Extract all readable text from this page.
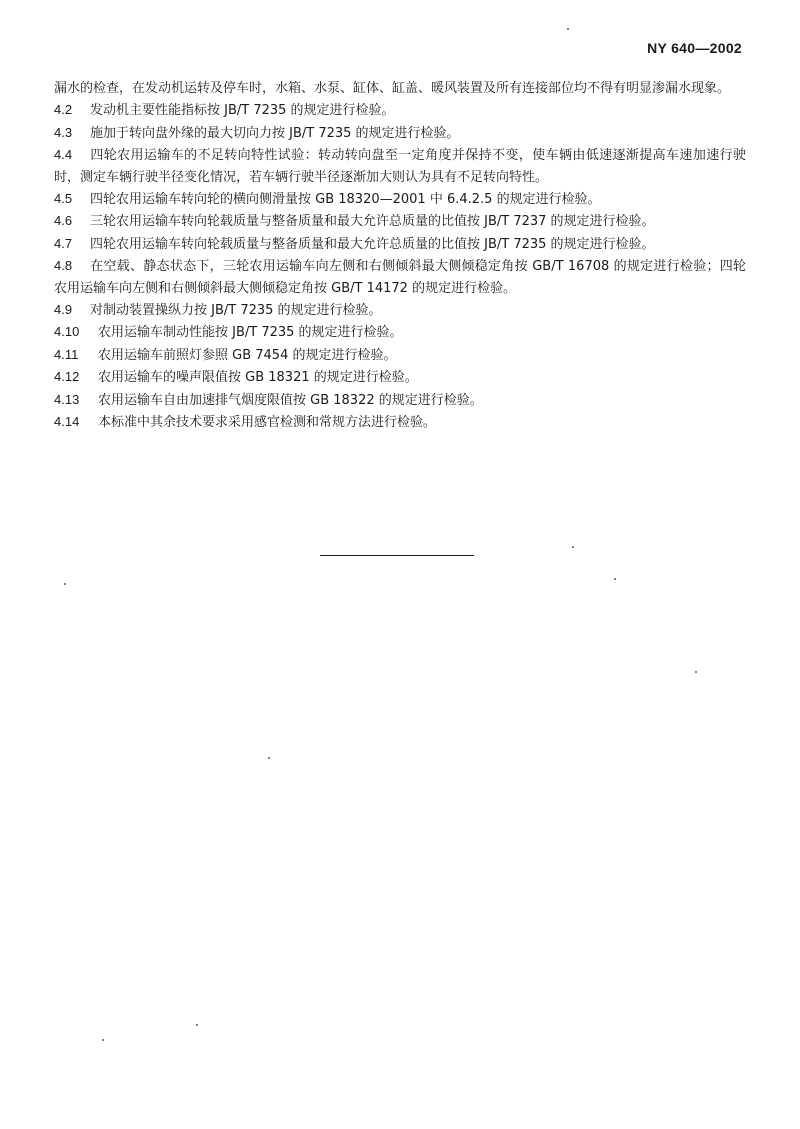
NY 640—2002

漏水的检查，在发动机运转及停车时，水箱、水泵、缸体、缸盖、暖风装置及所有连接部位均不得有明显渗漏水现象。

4.2 发动机主要性能指标按 JB/T 7235 的规定进行检验。

4.3 施加于转向盘外缘的最大切向力按 JB/T 7235 的规定进行检验。

4.4 四轮农用运输车的不足转向特性试验：转动转向盘至一定角度并保持不变，使车辆由低速逐渐提高车速加速行驶时，测定车辆行驶半径变化情况，若车辆行驶半径逐渐加大则认为具有不足转向特性。

4.5 四轮农用运输车转向轮的横向侧滑量按 GB 18320—2001 中 6.4.2.5 的规定进行检验。

4.6 三轮农用运输车转向轮载质量与整备质量和最大允许总质量的比值按 JB/T 7237 的规定进行检验。

4.7 四轮农用运输车转向轮载质量与整备质量和最大允许总质量的比值按 JB/T 7235 的规定进行检验。

4.8 在空载、静态状态下，三轮农用运输车向左侧和右侧倾斜最大侧倾稳定角按 GB/T 16708 的规定进行检验；四轮农用运输车向左侧和右侧倾斜最大侧倾稳定角按 GB/T 14172 的规定进行检验。

4.9 对制动装置操纵力按 JB/T 7235 的规定进行检验。

4.10 农用运输车制动性能按 JB/T 7235 的规定进行检验。

4.11 农用运输车前照灯参照 GB 7454 的规定进行检验。

4.12 农用运输车的噪声限值按 GB 18321 的规定进行检验。

4.13 农用运输车自由加速排气烟度限值按 GB 18322 的规定进行检验。

4.14 本标准中其余技术要求采用感官检测和常规方法进行检验。
